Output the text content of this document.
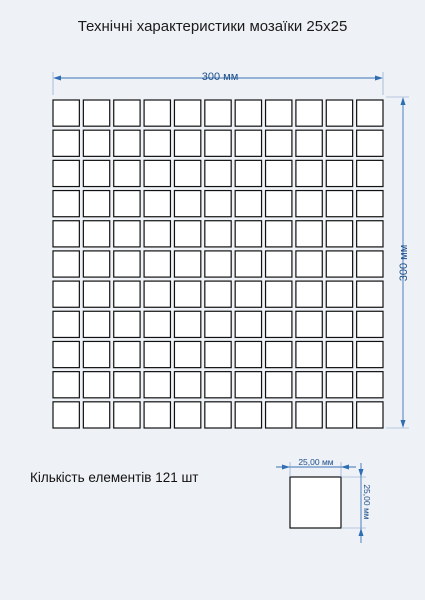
Технічні характеристики мозаїки 25x25
300 мм
300 мм
25,00 мм
25,00 мм
Кількість елементів 121 шт
